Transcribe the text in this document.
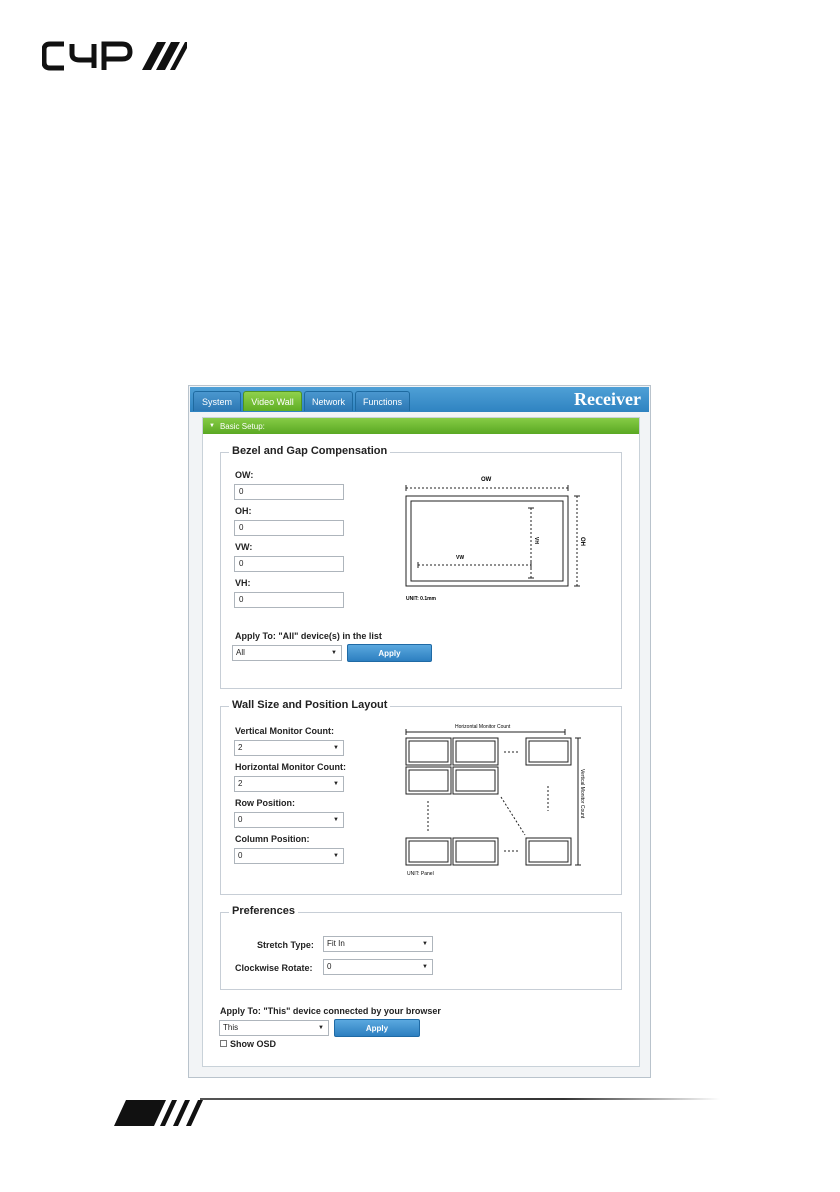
System	Video Wall	Network	Functions	Receiver
▼ Basic Setup:
Bezel and Gap Compensation
OW:
0
OH:
0
VW:
0
VH:
0
Apply To: "All" device(s) in the list
All	▼	Apply
OW
VW
VH	OH
UNIT: 0.1mm
Wall Size and Position Layout
Vertical Monitor Count:
2	▼
Horizontal Monitor Count:
2	▼
Row Position:
0	▼
Column Position:
0	▼
Horizontal Monitor Count
Vertical Monitor Count
UNIT: Panel
Preferences
Stretch Type:	Fit In	▼
Clockwise Rotate:	0	▼
Apply To: "This" device connected by your browser
This	▼	Apply
Show OSD
